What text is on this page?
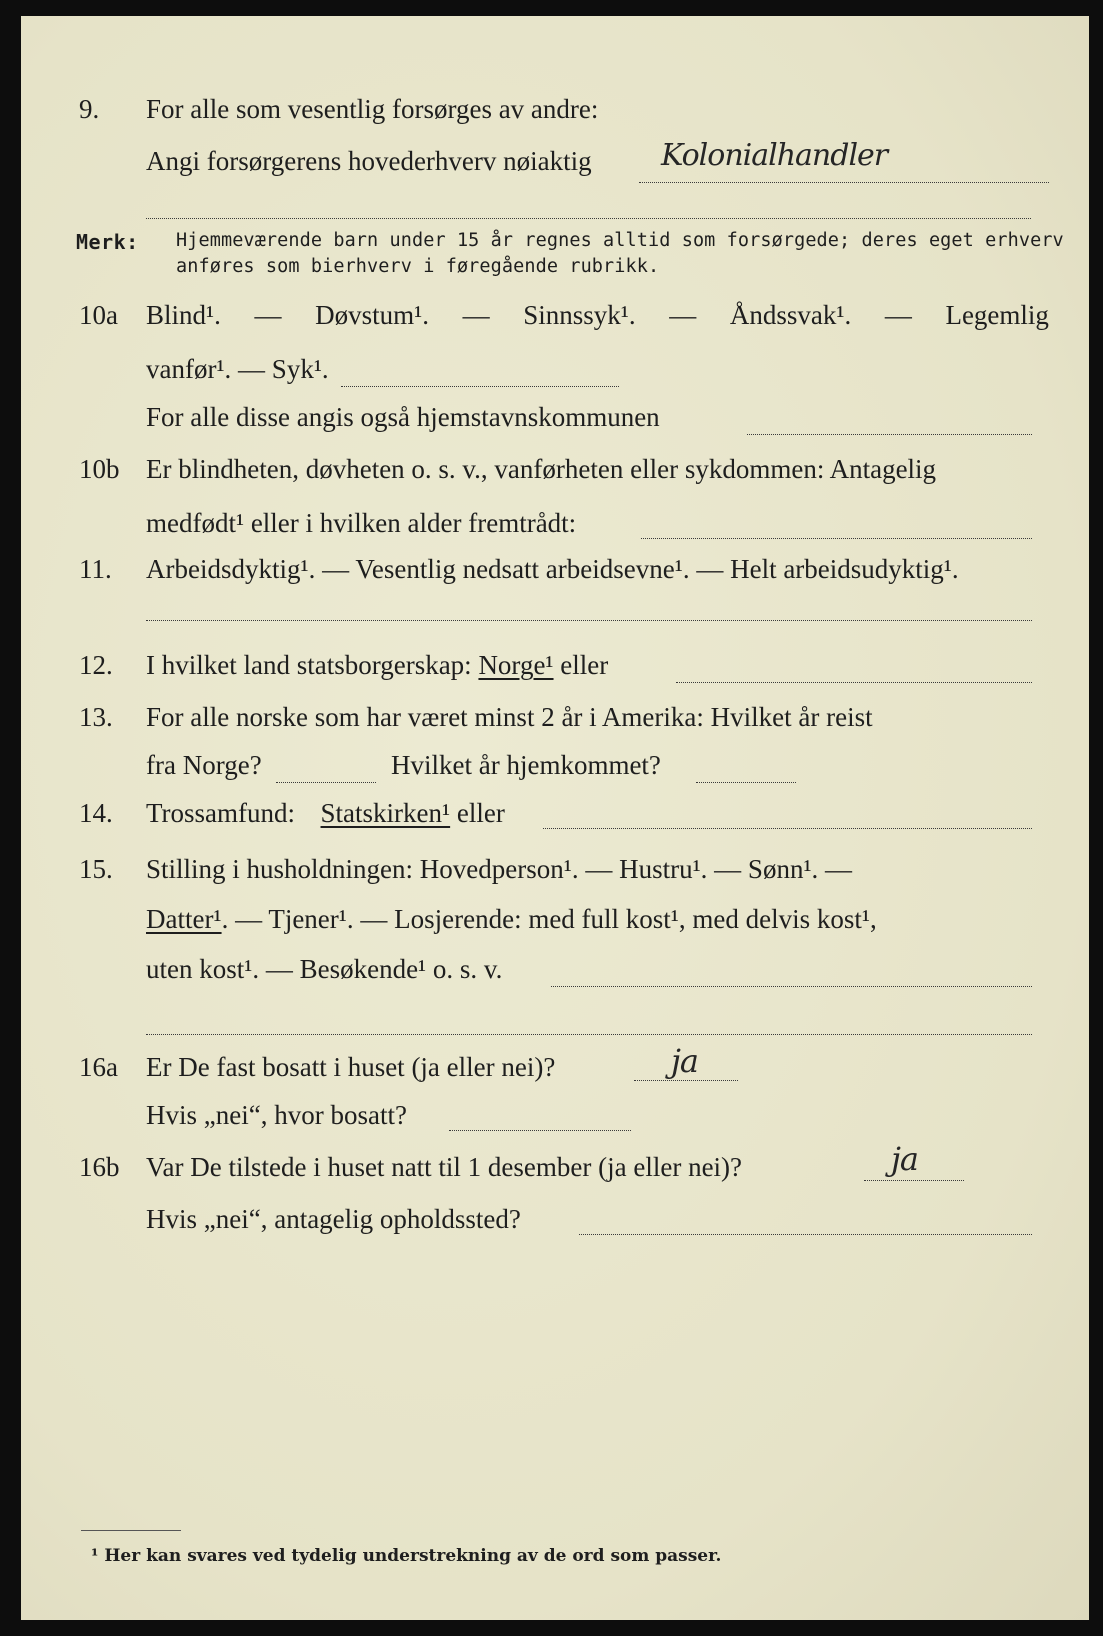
9. For alle som vesentlig forsørges av andre:
Angi forsørgerens hovederhverv nøiaktig Kolonialhandler
Merk: Hjemmeværende barn under 15 år regnes alltid som forsørgede; deres eget erhverv
anføres som bierhverv i føregående rubrikk.
10a Blind¹. — Døvstum¹. — Sinnssyk¹. — Åndssvak¹. — Legemlig
vanfør¹. — Syk¹.
For alle disse angis også hjemstavnskommunen
10b Er blindheten, døvheten o. s. v., vanførheten eller sykdommen: Antagelig
medfødt¹ eller i hvilken alder fremtrådt:
11. Arbeidsdyktig¹. — Vesentlig nedsatt arbeidsevne¹. — Helt arbeidsudyktig¹.
12. I hvilket land statsborgerskap: Norge¹ eller
13. For alle norske som har været minst 2 år i Amerika: Hvilket år reist
fra Norge?	Hvilket år hjemkommet?
14. Trossamfund: Statskirken¹ eller
15. Stilling i husholdningen: Hovedperson¹. — Hustru¹. — Sønn¹. —
Datter¹. — Tjener¹. — Losjerende: med full kost¹, med delvis kost¹,
uten kost¹. — Besøkende¹ o. s. v.
16a Er De fast bosatt i huset (ja eller nei)?	ja
Hvis „nei“, hvor bosatt?
16b Var De tilstede i huset natt til 1 desember (ja eller nei)?	ja
Hvis „nei“, antagelig opholdssted?
¹ Her kan svares ved tydelig understrekning av de ord som passer.
